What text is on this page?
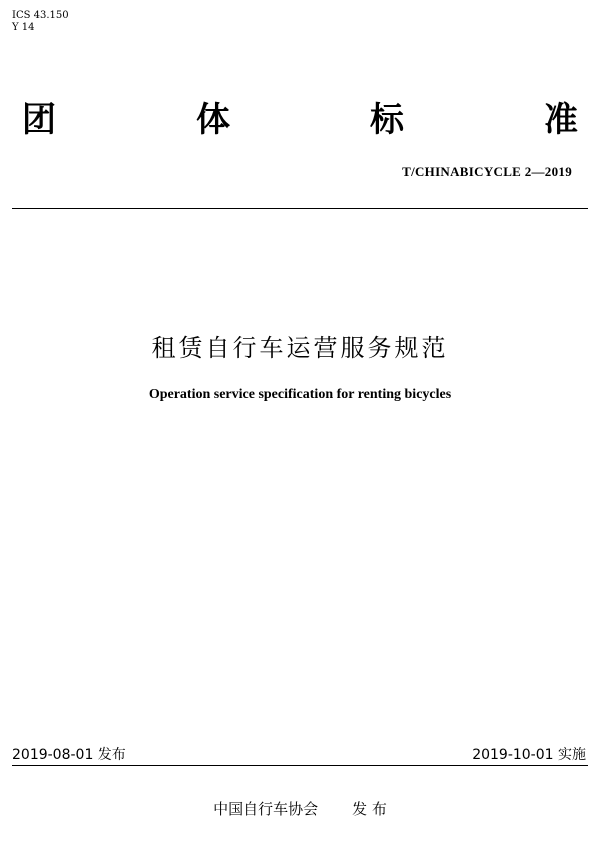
ICS 43.150
Y 14
团	体	标	准
T/CHINABICYCLE 2—2019
租赁自行车运营服务规范
Operation service specification for renting bicycles
2019-08-01 发布	2019-10-01 实施
中国自行车协会 发 布
